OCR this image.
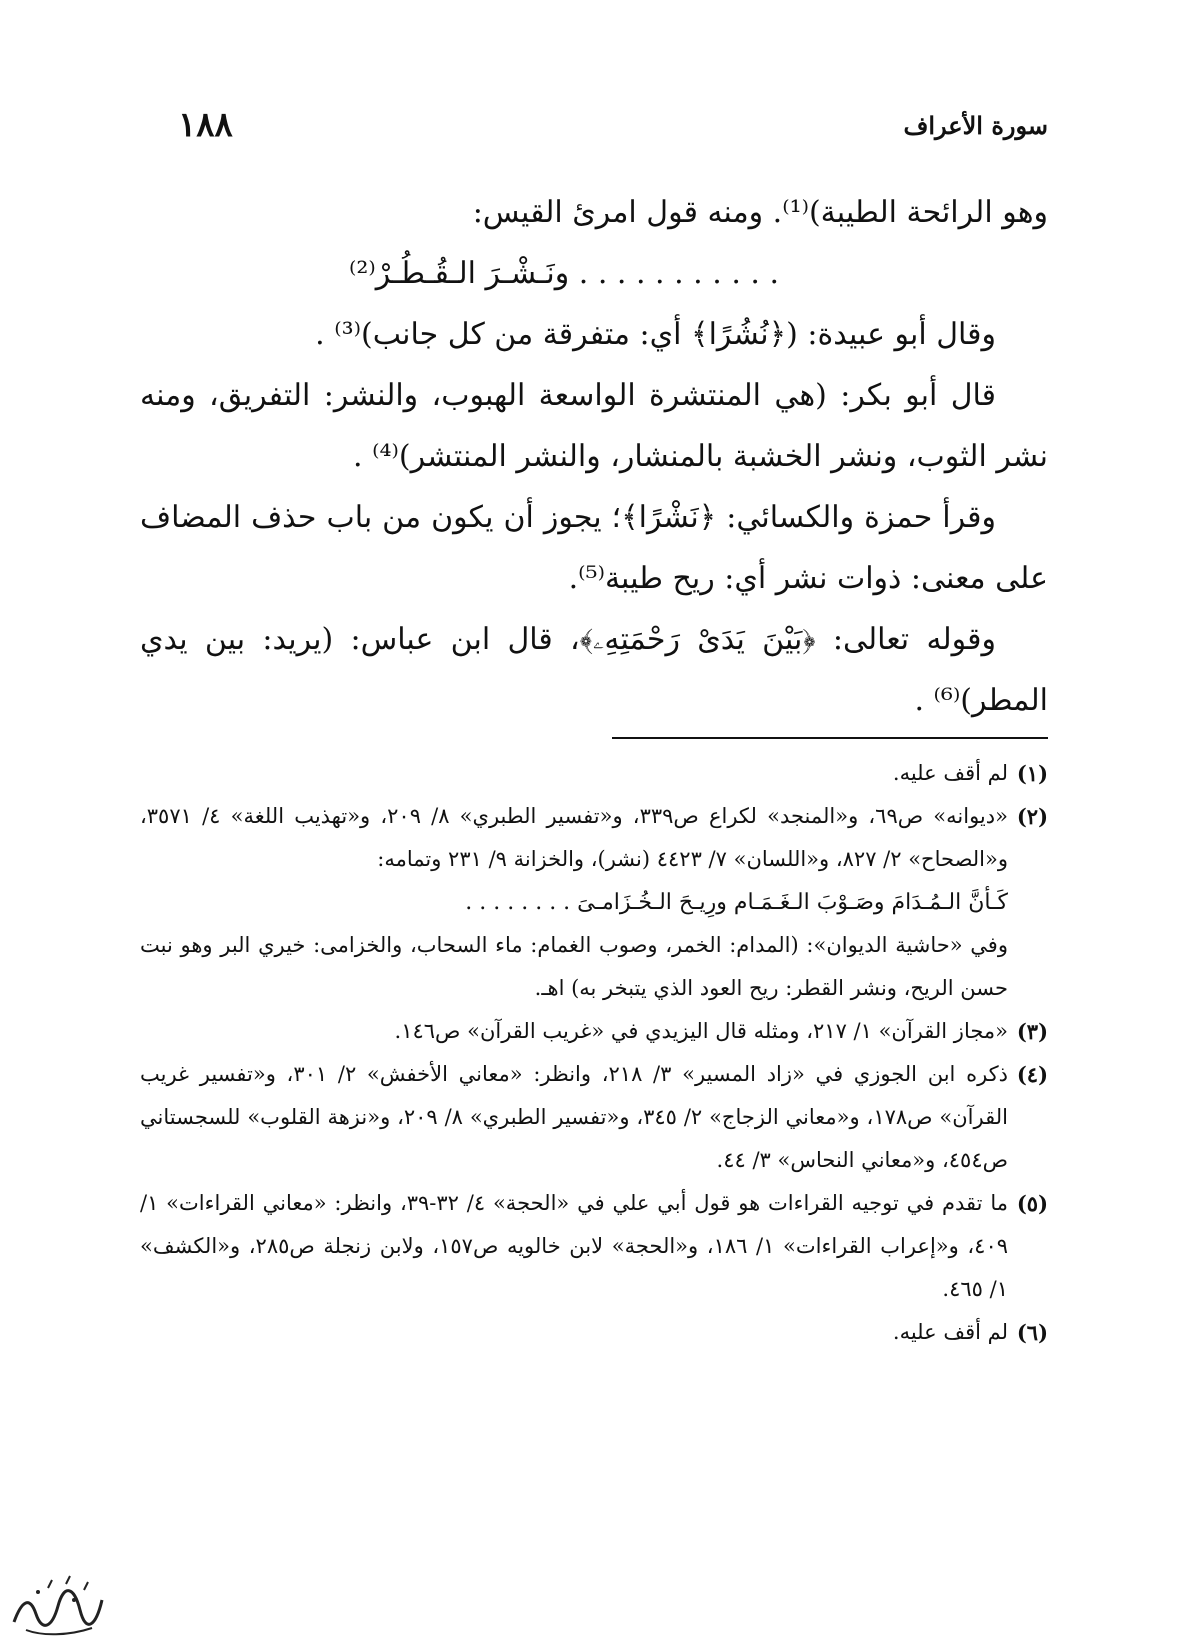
١٨٨	سورة الأعراف

وهو الرائحة الطيبة)⁽¹⁾. ومنه قول امرئ القيس:

. . . . . . . . . . . ونَـشْـرَ الـقُـطُـرْ⁽²⁾

وقال أبو عبيدة: (﴿نُشُرًا﴾ أي: متفرقة من كل جانب)⁽³⁾ .

قال أبو بكر: (هي المنتشرة الواسعة الهبوب، والنشر: التفريق، ومنه نشر الثوب، ونشر الخشبة بالمنشار، والنشر المنتشر)⁽⁴⁾ .

وقرأ حمزة والكسائي: ﴿نَشْرًا﴾؛ يجوز أن يكون من باب حذف المضاف على معنى: ذوات نشر أي: ريح طيبة⁽⁵⁾.

وقوله تعالى: ﴿بَيْنَ يَدَىْ رَحْمَتِهِۦ﴾، قال ابن عباس: (يريد: بين يدي المطر)⁽⁶⁾ .

(١)

لم أقف عليه.

(٢)

«ديوانه» ص٦٩، و«المنجد» لكراع ص٣٣٩، و«تفسير الطبري» ٨/ ٢٠٩، و«تهذيب اللغة» ٤/ ٣٥٧١، و«الصحاح» ٢/ ٨٢٧، و«اللسان» ٧/ ٤٤٢٣ (نشر)، والخزانة ٩/ ٢٣١ وتمامه:

كَـأنَّ الـمُـدَامَ وصَـوْبَ الـغَـمَـام ورِيـحَ الـخُـزَامـىَ . . . . . . . .

وفي «حاشية الديوان»: (المدام: الخمر، وصوب الغمام: ماء السحاب، والخزامى: خيري البر وهو نبت حسن الريح، ونشر القطر: ريح العود الذي يتبخر به) اهـ.

(٣)

«مجاز القرآن» ١/ ٢١٧، ومثله قال اليزيدي في «غريب القرآن» ص١٤٦.

(٤)

ذكره ابن الجوزي في «زاد المسير» ٣/ ٢١٨، وانظر: «معاني الأخفش» ٢/ ٣٠١، و«تفسير غريب القرآن» ص١٧٨، و«معاني الزجاج» ٢/ ٣٤٥، و«تفسير الطبري» ٨/ ٢٠٩، و«نزهة القلوب» للسجستاني ص٤٥٤، و«معاني النحاس» ٣/ ٤٤.

(٥)

ما تقدم في توجيه القراءات هو قول أبي علي في «الحجة» ٤/ ٣٢-٣٩، وانظر: «معاني القراءات» ١/ ٤٠٩، و«إعراب القراءات» ١/ ١٨٦، و«الحجة» لابن خالويه ص١٥٧، ولابن زنجلة ص٢٨٥، و«الكشف» ١/ ٤٦٥.

(٦)

لم أقف عليه.
